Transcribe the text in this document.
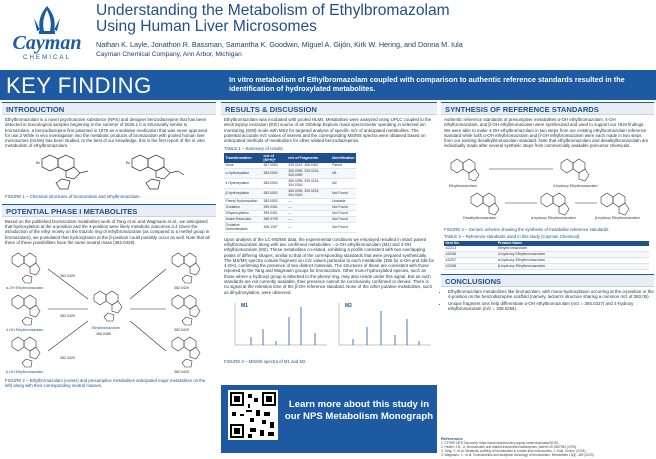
Cayman
CHEMICAL
Understanding the Metabolism of Ethylbromazolam
Using Human Liver Microsomes
Nathan K. Layle, Jonathon R. Bassman, Samantha K. Goodwin, Miguel A. Gijón, Kirk W. Hering, and Donna M. Iula
Cayman Chemical Company, Ann Arbor, Michigan
KEY FINDING	In vitro metabolism of Ethylbromazolam coupled with comparison to authentic reference standards resulted in the identification of hydroxylated metabolites.
INTRODUCTION
Ethylbromazolam is a novel psychoactive substance (NPS) and designer benzodiazepine that has been detected in toxicological samples beginning in the summer of 2025.1 It is structurally similar to bromazolam, a benzodiazepine first patented in 1976 as a sedative medication that was never approved for use.2 While in vivo investigation into the metabolic products of bromazolam with pooled human liver microsomes (HLMs) has been studied, to the best of our knowledge, this is the first report of the in vitro metabolism of ethylbromazolam.
Br	Br
FIGURE 1 – Chemical structures of bromazolam and ethylbromazolam.
POTENTIAL PHASE I METABOLITES
Based on the published bromazolam metabolism work of Tang et al. and Wagmann et al., we anticipated that hydroxylation at the α-position and the 4-position were likely metabolic outcomes.3,4 Given the introduction of the ethyl moiety on the triazolo ring of ethylbromazolam (as compared to a methyl group in bromazolam), we postulated that hydroxylation at the β-position could possibly occur as well. Note that all three of these possibilities have the same neutral mass (382.0429).
α-OH Ethylbromazolam
382.0429
4-OH Ethylbromazolam
382.0429
β-OH Ethylbromazolam
382.0429
Ethylbromazolam
366.0480
382.0429
382.0429
382.0429
FIGURE 2 – Ethylbromazolam (center) and presumptive metabolites anticipated major metabolites on the left) along with their corresponding neutral masses.
RESULTS & DISCUSSION
Ethylbromazolam was incubated with pooled HLMs. Metabolites were analyzed using UPLC coupled to the electrospray ionization (ESI) source of an Orbitrap Exploris mass spectrometer operating in selected ion monitoring (SIM) mode with MS2 for targeted analysis of specific m/z of anticipated metabolites. The potential accurate m/z values of interest and the corresponding MS/MS spectra were obtained based on anticipated methods of metabolism for other related benzodiazepines.
TABLE 1 – Summary of results.
Transformation	m/z of [M+H]+	m/z of Fragments	Identification
None	367.0553	339.0242, 288.0367	Parent
α-Hydroxylation	383.0502	365.0395, 339.0224, 326.0359	M1
4-Hydroxylation	383.0502	365.0395, 339.0224, 304.0316	M2
β-Hydroxylation	383.0502	365.0395, 339.0224, 304.0316	Not Found
Phenyl Hydroxylation	383.0502	—	Unstable
Oxidation	399.0451	—	Not Found
Dihydroxylation	399.0451	—	Not Found
Amine Reduction	369.0709	—	Not Found
Oxidative Debromination	305.1397	—	Not Found
Upon analysis of the LC-MS/MS data, the experimental conditions we employed resulted in intact parent ethylbromazolam along with two confirmed metabolites – α-OH ethylbromazolam (M1) and 4-OH ethylbromazolam (M2). These metabolites co-eluted, exhibiting a profile consistent with two overlapping peaks of differing shapes, similar to that of the corresponding standards that were prepared synthetically. The MS/MS spectra contain fragment ion m/z values particular to each metabolite (355 for α-OH and 338 for 4-OH), confirming the presence of two distinct materials. The structures of these are consistent with those reported by the Tang and Wagmann groups for bromazolam. Other mono-hydroxylated species, such as those where a hydroxyl group is attached to the phenyl ring, may also reside under this signal. But as such standards are not currently available, their presence cannot be conclusively confirmed or denied. There is no signal at the retention time of the β-OH reference standard. None of the other putative metabolites, such as dihydroxylation, were observed.
M1	M2
FIGURE 3 – MS/MS spectra of M1 and M2.
Learn more about this study in our NPS Metabolism Monograph
SYNTHESIS OF REFERENCE STANDARDS
Authentic reference standards of presumptive metabolites α-OH ethylbromazolam, 4-OH ethylbromazolam, and β-OH ethylbromazolam were synthesized and used to support our HLM findings. We were able to make 4-OH ethylbromazolam in two steps from our existing ethylbromazolam reference standard while both α-OH ethylbromazolam and β-OH ethylbromazolam were each made in two steps from our existing desalkylbromazolam standard. Note that ethylbromazolam and desalkylbromazolam are individually made after several synthetic steps from commercially available precursor chemicals.
Ethylbromazolam	4-hydroxy Ethylbromazolam
Desalkylbromazolam	α-hydroxy Ethylbromazolam	β-hydroxy Ethylbromazolam
FIGURE 4 – Generic scheme showing the synthesis of metabolite reference standards.
TABLE 2 – Reference standards used in this study (Cayman Chemical).
Item No.	Product Name
42213	Ethylbromazolam
43256	4-hydroxy Ethylbromazolam
43257	α-hydroxy Ethylbromazolam
43258	β-hydroxy Ethylbromazolam
CONCLUSIONS
• Ethylbromazolam metabolizes like bromazolam, with mono-hydroxylation occurring at the α-position or the 4-position on the benzodiazepine scaffold (namely, lactam's structure sharing a common m/z of 383.05).
• Unique fragment ions help differentiate α-OH ethylbromazolam (m/z = 355.0327) and 4-hydroxy ethylbromazolam (m/z = 338.0266).
References
1. CFSRE NPS Discovery. https://www.npsdiscovery.org/wp-content/uploads/2025/...
2. Hester, J.B., Jr. Bromazolam and related triazolobenzodiazepines; patent US 3987052 (1976).
3. Tang, Y., et al. Metabolic profiling of bromazolam in human liver microsomes. J. Anal. Toxicol. (2024).
4. Wagmann, L., et al. Toxicokinetics and analytical toxicology of bromazolam. Metabolites 13(4), 469 (2023).
